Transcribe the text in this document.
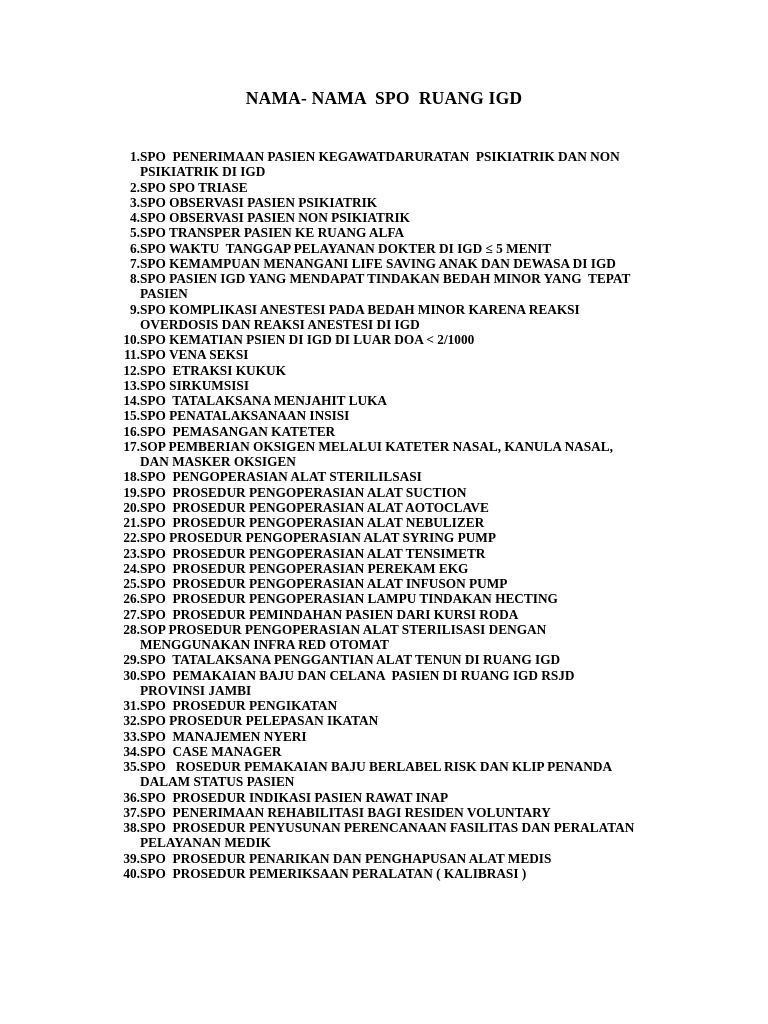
NAMA- NAMA  SPO  RUANG IGD
1. SPO  PENERIMAAN PASIEN KEGAWATDARURATAN  PSIKIATRIK DAN NON
PSIKIATRIK DI IGD
2. SPO SPO TRIASE
3. SPO OBSERVASI PASIEN PSIKIATRIK
4. SPO OBSERVASI PASIEN NON PSIKIATRIK
5. SPO TRANSPER PASIEN KE RUANG ALFA
6. SPO WAKTU  TANGGAP PELAYANAN DOKTER DI IGD ≤ 5 MENIT
7. SPO KEMAMPUAN MENANGANI LIFE SAVING ANAK DAN DEWASA DI IGD
8. SPO PASIEN IGD YANG MENDAPAT TINDAKAN BEDAH MINOR YANG  TEPAT
PASIEN
9. SPO KOMPLIKASI ANESTESI PADA BEDAH MINOR KARENA REAKSI
OVERDOSIS DAN REAKSI ANESTESI DI IGD
10. SPO KEMATIAN PSIEN DI IGD DI LUAR DOA < 2/1000
11. SPO VENA SEKSI
12. SPO  ETRAKSI KUKUK
13. SPO SIRKUMSISI
14. SPO  TATALAKSANA MENJAHIT LUKA
15. SPO PENATALAKSANAAN INSISI
16. SPO  PEMASANGAN KATETER
17. SOP PEMBERIAN OKSIGEN MELALUI KATETER NASAL, KANULA NASAL,
DAN MASKER OKSIGEN
18. SPO  PENGOPERASIAN ALAT STERILILSASI
19. SPO  PROSEDUR PENGOPERASIAN ALAT SUCTION
20. SPO  PROSEDUR PENGOPERASIAN ALAT AOTOCLAVE
21. SPO  PROSEDUR PENGOPERASIAN ALAT NEBULIZER
22. SPO PROSEDUR PENGOPERASIAN ALAT SYRING PUMP
23. SPO  PROSEDUR PENGOPERASIAN ALAT TENSIMETR
24. SPO  PROSEDUR PENGOPERASIAN PEREKAM EKG
25. SPO  PROSEDUR PENGOPERASIAN ALAT INFUSON PUMP
26. SPO  PROSEDUR PENGOPERASIAN LAMPU TINDAKAN HECTING
27. SPO  PROSEDUR PEMINDAHAN PASIEN DARI KURSI RODA
28. SOP PROSEDUR PENGOPERASIAN ALAT STERILISASI DENGAN
MENGGUNAKAN INFRA RED OTOMAT
29. SPO  TATALAKSANA PENGGANTIAN ALAT TENUN DI RUANG IGD
30. SPO  PEMAKAIAN BAJU DAN CELANA  PASIEN DI RUANG IGD RSJD
PROVINSI JAMBI
31. SPO  PROSEDUR PENGIKATAN
32. SPO PROSEDUR PELEPASAN IKATAN
33. SPO  MANAJEMEN NYERI
34. SPO  CASE MANAGER
35. SPO   ROSEDUR PEMAKAIAN BAJU BERLABEL RISK DAN KLIP PENANDA
DALAM STATUS PASIEN
36. SPO  PROSEDUR INDIKASI PASIEN RAWAT INAP
37. SPO  PENERIMAAN REHABILITASI BAGI RESIDEN VOLUNTARY
38. SPO  PROSEDUR PENYUSUNAN PERENCANAAN FASILITAS DAN PERALATAN
PELAYANAN MEDIK
39. SPO  PROSEDUR PENARIKAN DAN PENGHAPUSAN ALAT MEDIS
40. SPO  PROSEDUR PEMERIKSAAN PERALATAN ( KALIBRASI )
